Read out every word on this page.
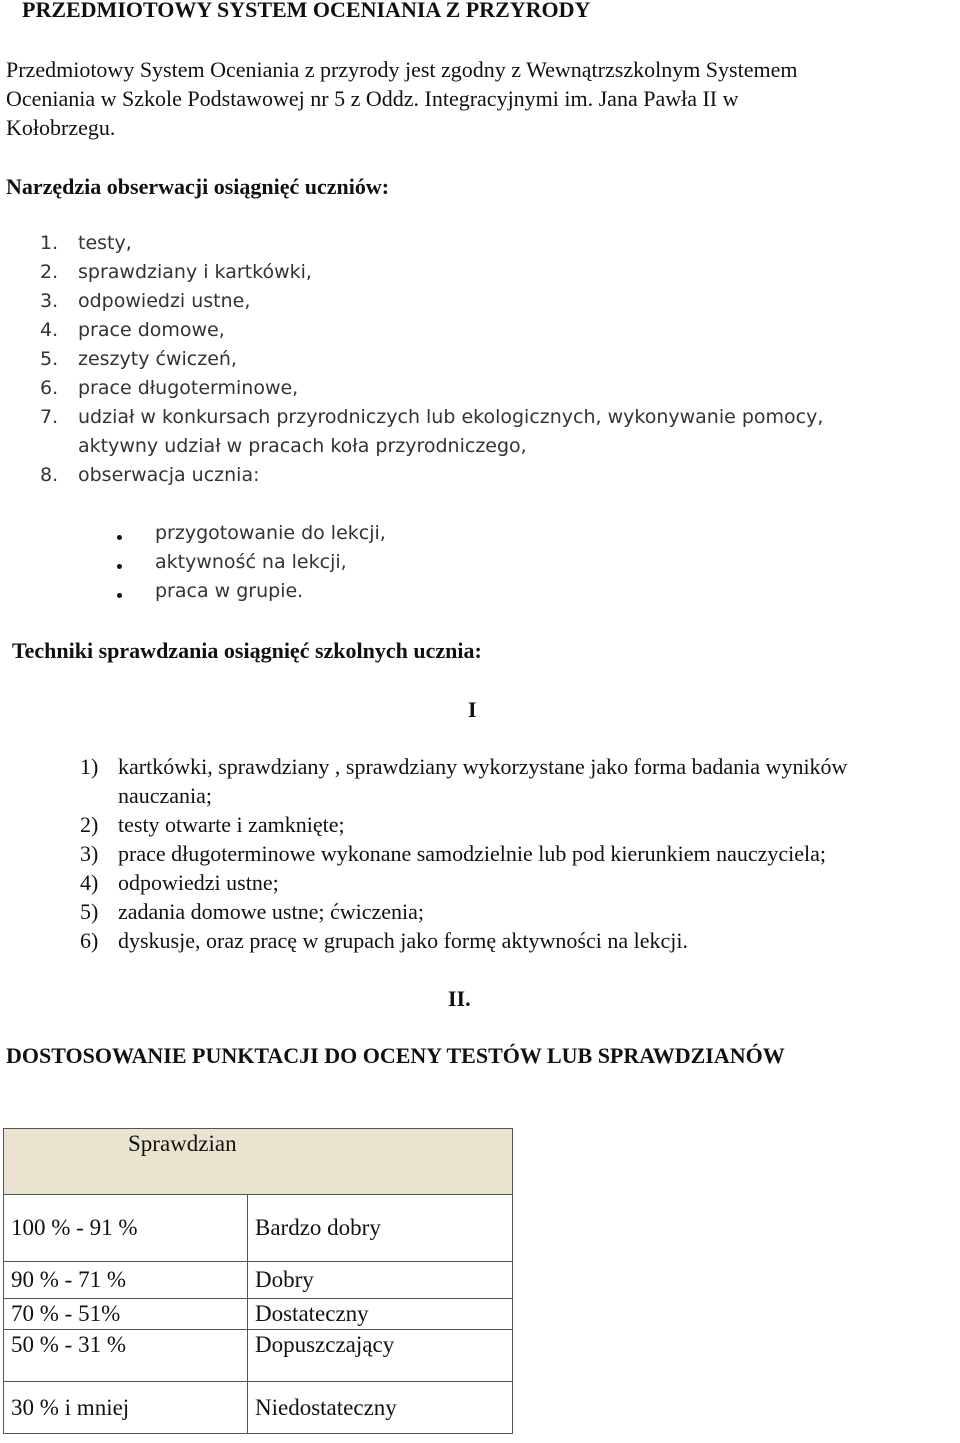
PRZEDMIOTOWY SYSTEM OCENIANIA Z PRZYRODY
Przedmiotowy System Oceniania z przyrody jest zgodny z Wewnątrzszkolnym Systemem
Oceniania w Szkole Podstawowej nr 5 z Oddz. Integracyjnymi im. Jana Pawła II w
Kołobrzegu.
Narzędzia obserwacji osiągnięć uczniów:
1. testy,
2. sprawdziany i kartkówki,
3. odpowiedzi ustne,
4. prace domowe,
5. zeszyty ćwiczeń,
6. prace długoterminowe,
7. udział w konkursach przyrodniczych lub ekologicznych, wykonywanie pomocy,
aktywny udział w pracach koła przyrodniczego,
8. obserwacja ucznia:
przygotowanie do lekcji,
aktywność na lekcji,
praca w grupie.
Techniki sprawdzania osiągnięć szkolnych ucznia:
I
1) kartkówki, sprawdziany , sprawdziany wykorzystane jako forma badania wyników
nauczania;
2) testy otwarte i zamknięte;
3) prace długoterminowe wykonane samodzielnie lub pod kierunkiem nauczyciela;
4) odpowiedzi ustne;
5) zadania domowe ustne; ćwiczenia;
6) dyskusje, oraz pracę w grupach jako formę aktywności na lekcji.
II.
DOSTOSOWANIE PUNKTACJI DO OCENY TESTÓW LUB SPRAWDZIANÓW
Sprawdzian	
100 % - 91 %	Bardzo dobry
90 % - 71 %	Dobry
70 % - 51%	Dostateczny
50 % - 31 %	Dopuszczający
30 % i mniej	Niedostateczny
